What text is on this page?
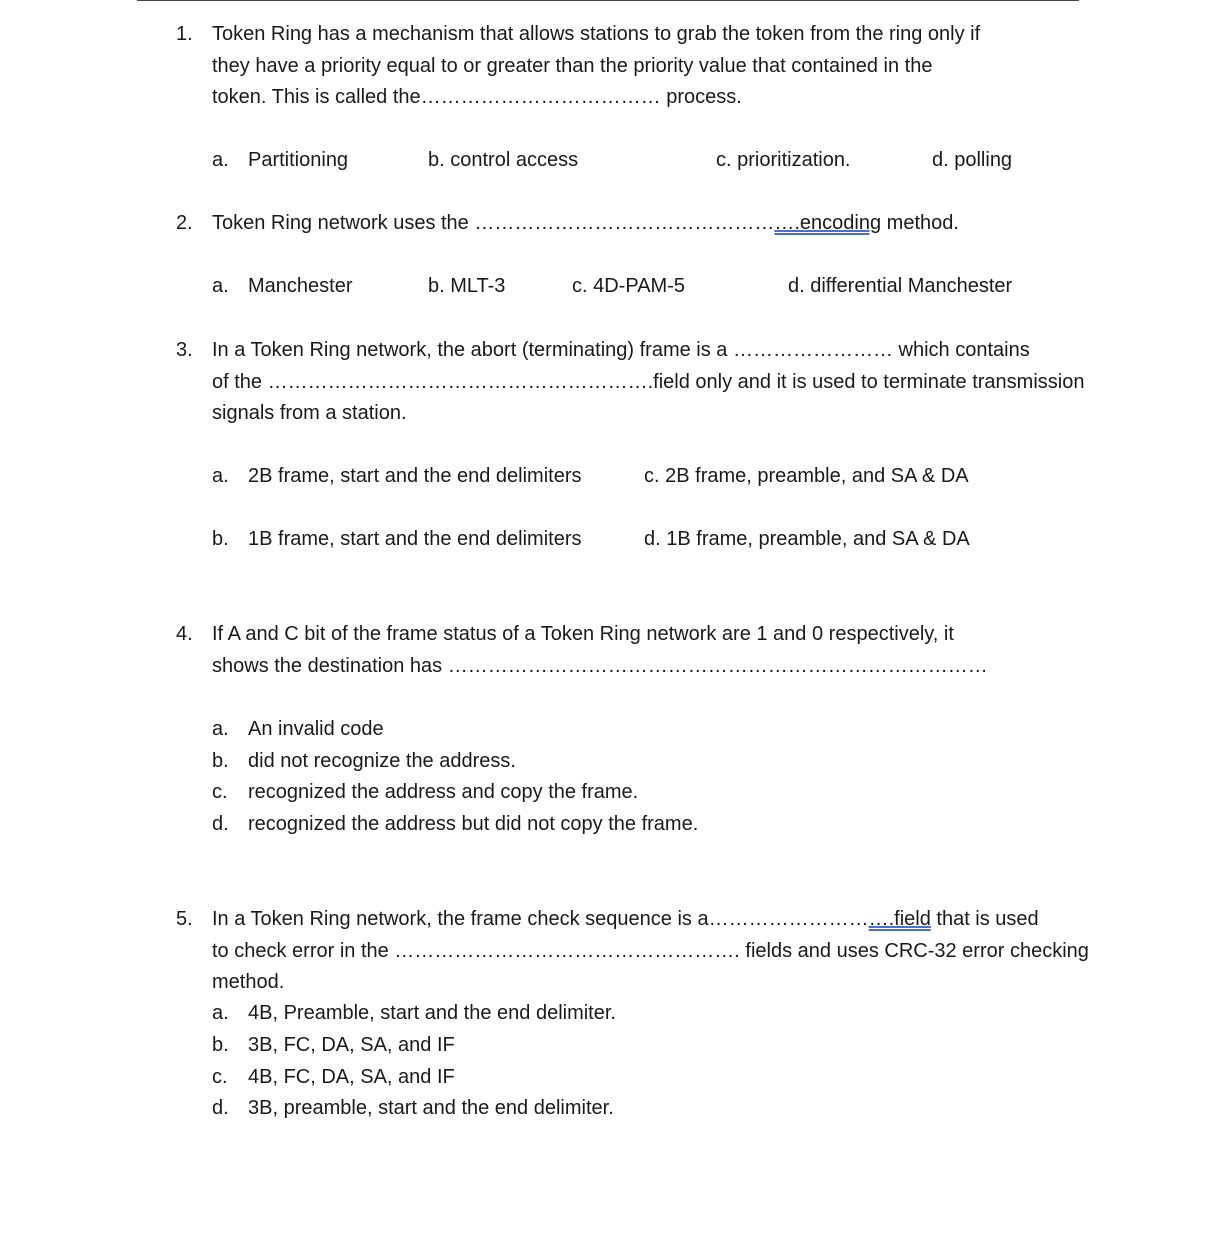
1. Token Ring has a mechanism that allows stations to grab the token from the ring only if
they have a priority equal to or greater than the priority value that contained in the
token. This is called the……………………………… process.
a. Partitioning	b. control access	c. prioritization.	d. polling
2. Token Ring network uses the ………………………………………….encoding method.
a. Manchester	b. MLT-3	c. 4D-PAM-5	d. differential Manchester
3. In a Token Ring network, the abort (terminating) frame is a …………………… which contains
of the ………………………………………………….field only and it is used to terminate transmission
signals from a station.
a. 2B frame, start and the end delimiters	c. 2B frame, preamble, and SA & DA
b. 1B frame, start and the end delimiters	d. 1B frame, preamble, and SA & DA
4. If A and C bit of the frame status of a Token Ring network are 1 and 0 respectively, it
shows the destination has ………………………………………………………………………
a. An invalid code
b. did not recognize the address.
c. recognized the address and copy the frame.
d. recognized the address but did not copy the frame.
5. In a Token Ring network, the frame check sequence is a……………………….field that is used
to check error in the ……………………………………………. fields and uses CRC-32 error checking
method.
a. 4B, Preamble, start and the end delimiter.
b. 3B, FC, DA, SA, and IF
c. 4B, FC, DA, SA, and IF
d. 3B, preamble, start and the end delimiter.
